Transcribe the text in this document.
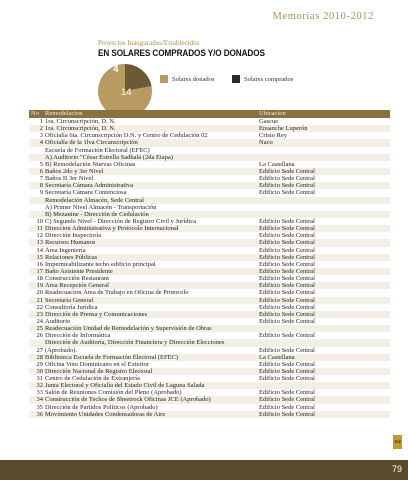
Memorias 2010-2012
Proyectos Inaugurados/Establecidos
EN SOLARES COMPRADOS Y/O DONADOS
4
14
Solares donados	Solares comprados
No Remodelacion	Ubicacion
1 1ra. Circunscripción, D. N.	Gascue
2 1ra. Circunscripción, D. N.	Ensanche Luperón
3 Oficialía 6ta. Circunscripción D.N. y Centro de Cedulación 02	Cristo Rey
4 Oficialía de la 1lva Circunscripción	Naco
Escuela de Formación Electoral (EFEC)
A) Auditorio "César Estrella Sadhalá (2da Etapa)
5 B) Remodelación Nuevas Oficinas	La Castellana
6 Baños 2do y 3er Nivel	Edificio Sede Central
7 Baños II 3er Nivel	Edificio Sede Central
8 Secretaría Cámara Administrativa	Edificio Sede Central
9 Secretaría Cámara Contenciosa	Edificio Sede Central
Remodelación Almacén, Sede Central
A) Primer Nivel Almacén - Transportación
B) Mezanine - Dirección de Cedulación
10 C) Segundo Nivel - Dirección de Registro Civil y Jurídica	Edificio Sede Central
11 Direccion Administrativa y Protocolo Internacional	Edificio Sede Central
12 Dirección Inspectoría	Edificio Sede Central
13 Recursos Humanos	Edificio Sede Central
14 Área Ingeniería	Edificio Sede Central
15 Relaciones Públicas	Edificio Sede Central
16 Impermeabilizante techo edificio principal	Edificio Sede Central
17 Baño Asistente Presidente	Edificio Sede Central
18 Construcción Restaurant	Edificio Sede Central
19 Área Recepción General	Edificio Sede Central
20 Readecuacion Área de Trabajo en Oficina de Protocolo	Edificio Sede Central
21 Secretaría General	Edificio Sede Central
22 Consultoría Jurídica	Edificio Sede Central
23 Dirección de Prensa y Comunicaciones	Edificio Sede Central
24 Auditorio	Edificio Sede Central
25 Readecuación Unidad de Remodelación y Supervisión de Obras
26 Dirección de Informática	Edificio Sede Central
Dirección de Auditoría, Dirección Financiera y Dirección Elecciones
27 (Aprobado).	Edificio Sede Central
28 Biblioteca Escuela de Formación Electoral (EFEC)	La Castellana
29 Oficina Voto Dominicano en el Exterior	Edificio Sede Central
30 Dirección Nacional de Registro Electoral	Edificio Sede Central
31 Centro de Cedulación de Extranjería	Edificio Sede Central
32 Junta Electoral y Oficialía del Estado Civil de Laguna Salada
33 Salón de Reuniones Comisión del Pleno (Aprobado)	Edificio Sede Central
34 Construcción de Techos de Sheetrock Oficinas JCE (Aprobado)	Edificio Sede Central
35 Dirección de Partidos Políticos (Aprobado)	Edificio Sede Central
36 Movimiento Unidades Condensadoras de Aire	Edificio Sede Central
JCE
79
